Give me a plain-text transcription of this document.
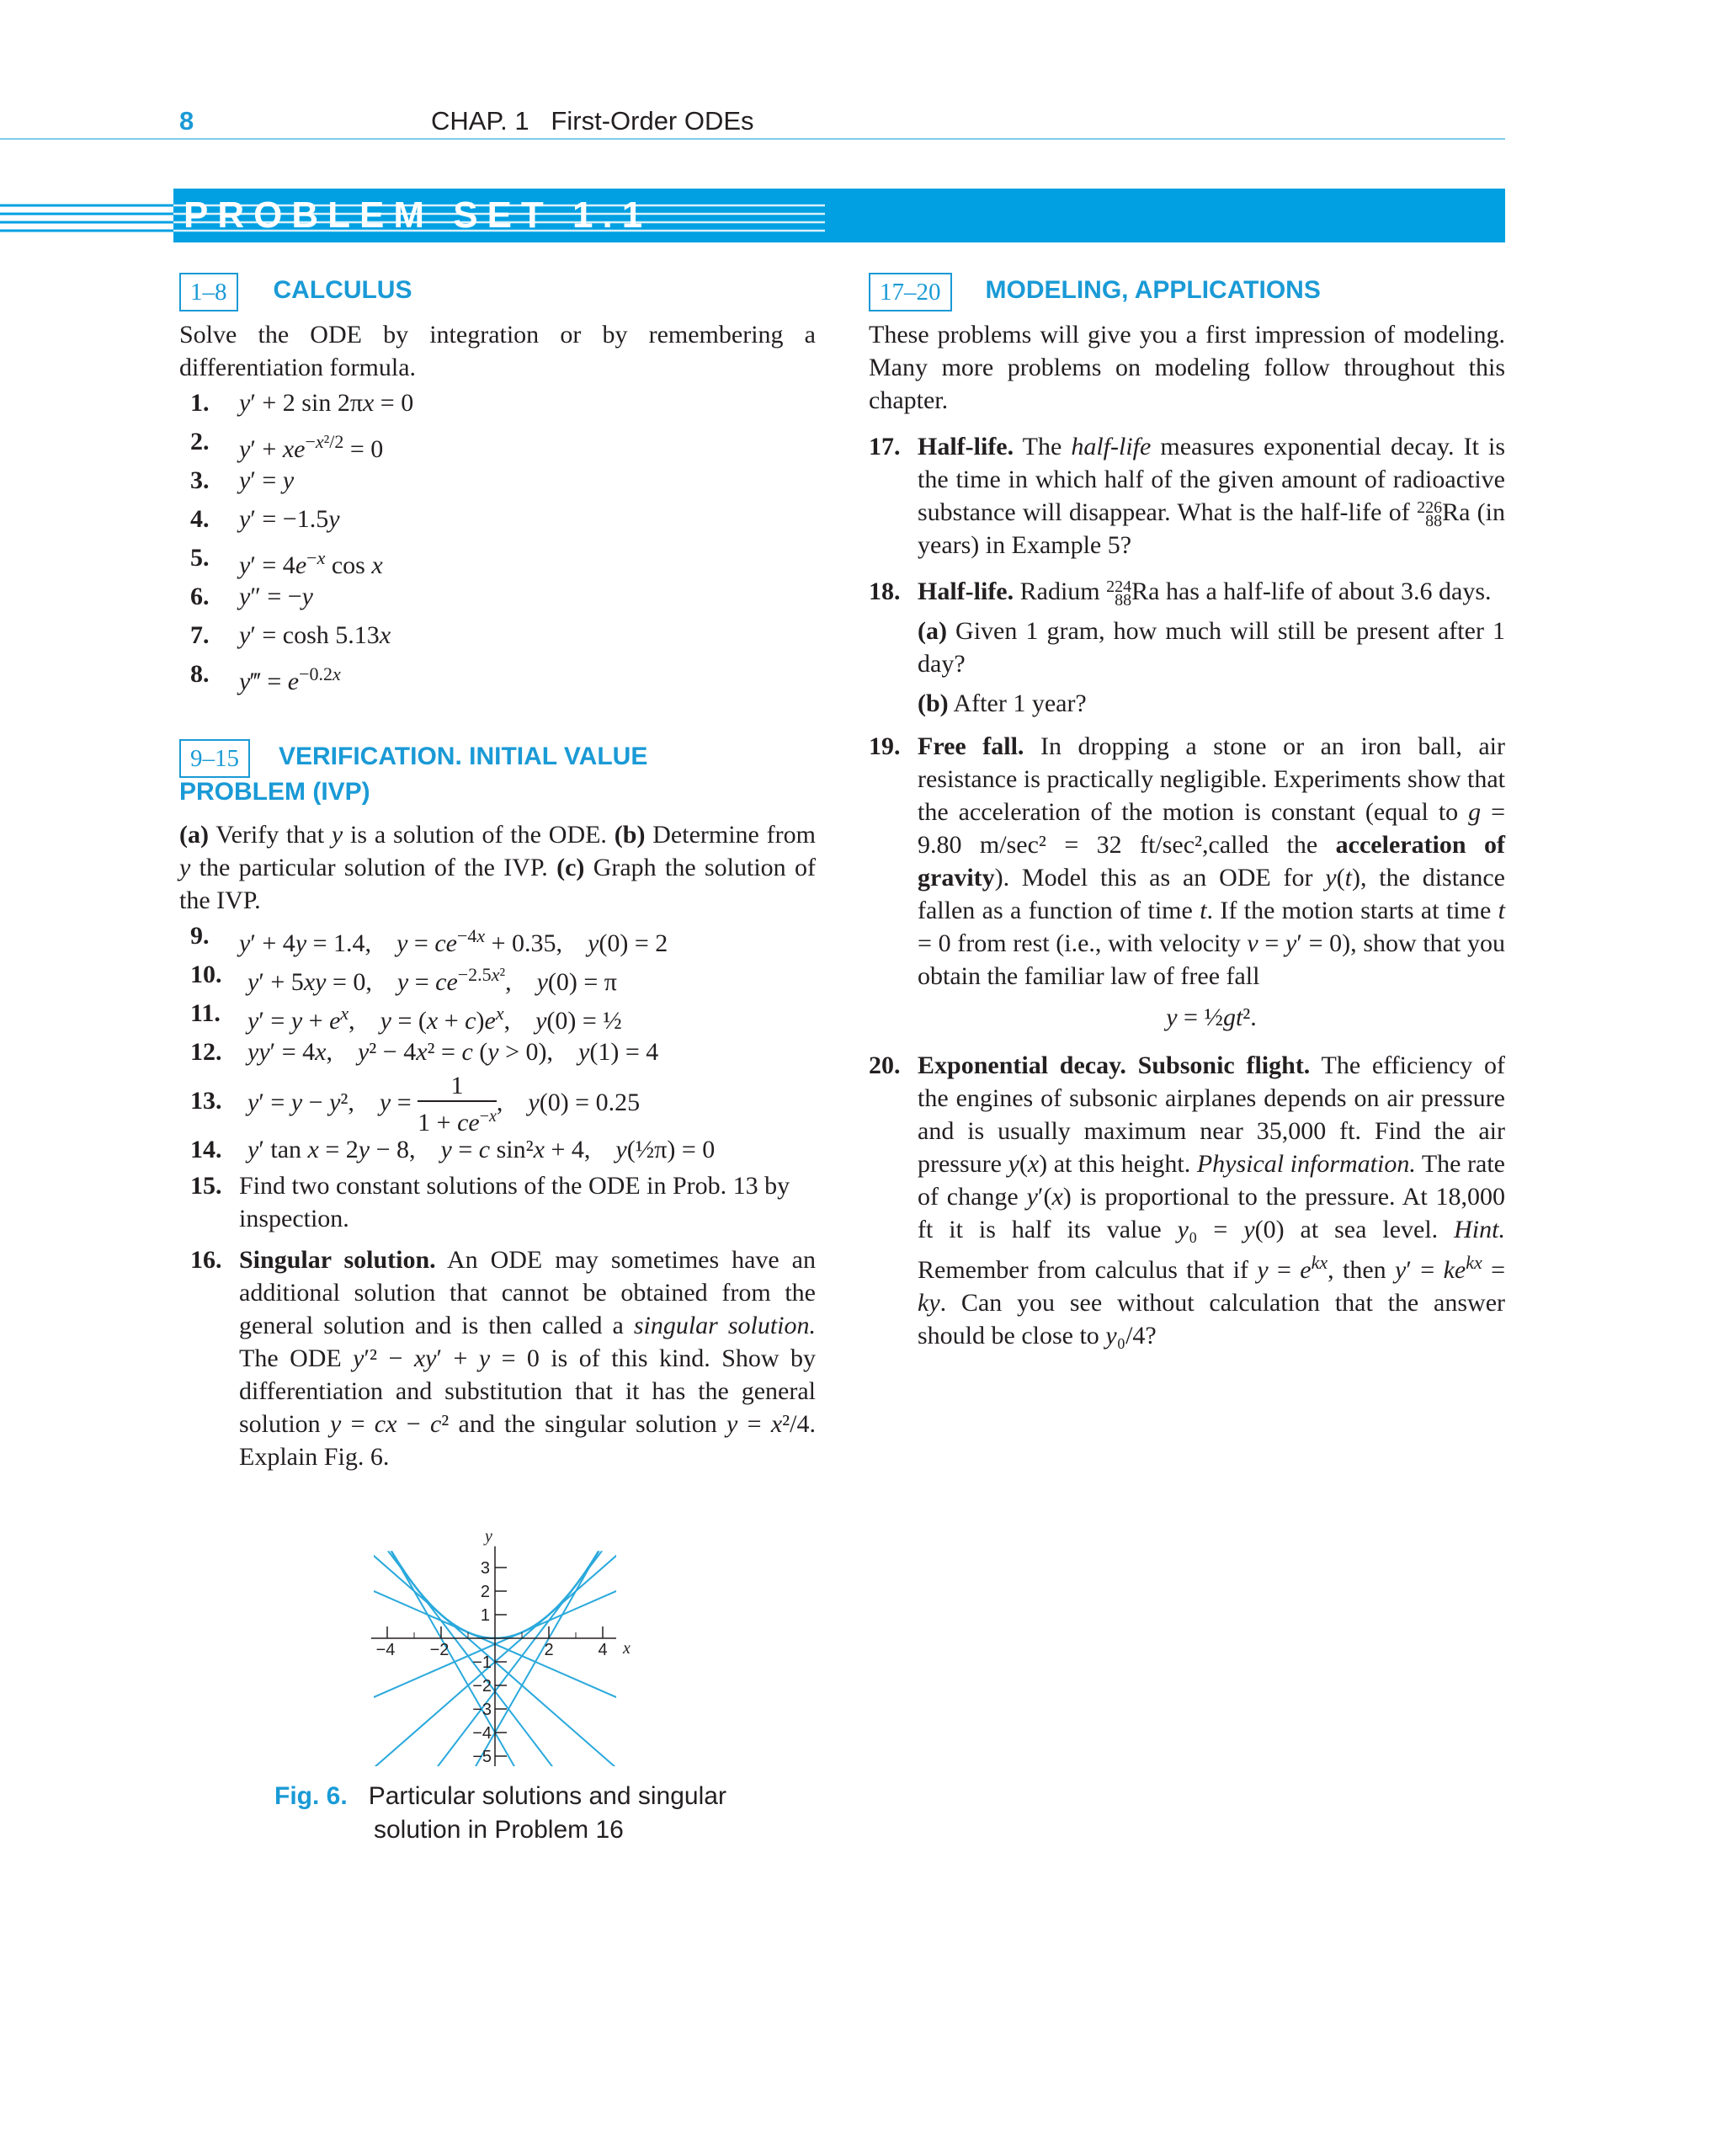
8	CHAP. 1   First-Order ODEs
PROBLEM SET 1.1
1–8 CALCULUS

Solve the ODE by integration or by remembering a differentiation formula.

1. y′ + 2 sin 2πx = 0
2. $y' + xe^{-x^2/2} = 0$
3. y′ = y
4. y′ = −1.5y
5. $y' = 4e^{-x}$ cos x
6. y″ = −y
7. y′ = cosh 5.13x
8. y‴ = $e^{-0.2x}$
9–15 VERIFICATION. INITIAL VALUE
PROBLEM (IVP)

(a) Verify that y is a solution of the ODE. (b) Determine from y the particular solution of the IVP. (c) Graph the solution of the IVP.

9. y′ + 4y = 1.4,    $y = ce^{-4x} + 0.35$,    y(0) = 2
10. y′ + 5xy = 0,    $y = ce^{-2.5x^2}$,    y(0) = π
11. $y' = y + e^x$,    $y = (x + c)e^x$,    y(0) = ½
12. yy′ = 4x,    y² − 4x² = c (y > 0),    y(1) = 4
13. y′ = y − y²,    $y = \frac{1}{1 + ce^{-x}}$ ,    y(0) = 0.25
14. y′ tan x = 2y − 8,    y = c sin²x + 4,    y(½π) = 0
15. Find two constant solutions of the ODE in Prob. 13 by inspection.
16. Singular solution. An ODE may sometimes have an additional solution that cannot be obtained from the general solution and is then called a singular solution. The ODE y′² − xy′ + y = 0 is of this kind. Show by differentiation and substitution that it has the general solution y = cx − c² and the singular solution y = x²/4. Explain Fig. 6.
−4 −2	2	4
3
2
1
−1
−2
−3
−4
−5
x
y
Fig. 6. Particular solutions and singular
solution in Problem 16
17–20 MODELING, APPLICATIONS

These problems will give you a first impression of modeling. Many more problems on modeling follow throughout this chapter.

17. Half-life. The half-life measures exponential decay. It is the time in which half of the given amount of radioactive substance will disappear. What is the half-life of 226
88Ra (in years) in Example 5?
18. Half-life. Radium 224
88Ra has a half-life of about 3.6 days.

(a) Given 1 gram, how much will still be present after 1 day?

(b) After 1 year?

19. Free fall. In dropping a stone or an iron ball, air resistance is practically negligible. Experiments show that the acceleration of the motion is constant (equal to g = 9.80 m/sec² = 32 ft/sec²,called the acceleration of gravity). Model this as an ODE for y(t), the distance fallen as a function of time t. If the motion starts at time t = 0 from rest (i.e., with velocity v = y′ = 0), show that you obtain the familiar law of free fall

y = ½gt².

20. Exponential decay. Subsonic flight. The efficiency of the engines of subsonic airplanes depends on air pressure and is usually maximum near 35,000 ft. Find the air pressure y(x) at this height. Physical information. The rate of change y′(x) is proportional to the pressure. At 18,000 ft it is half its value y₀ = y(0) at sea level. Hint. Remember from calculus that if $y = e^{kx}$, then $y' = ke^{kx}$ = ky. Can you see without calculation that the answer should be close to y₀/4?
